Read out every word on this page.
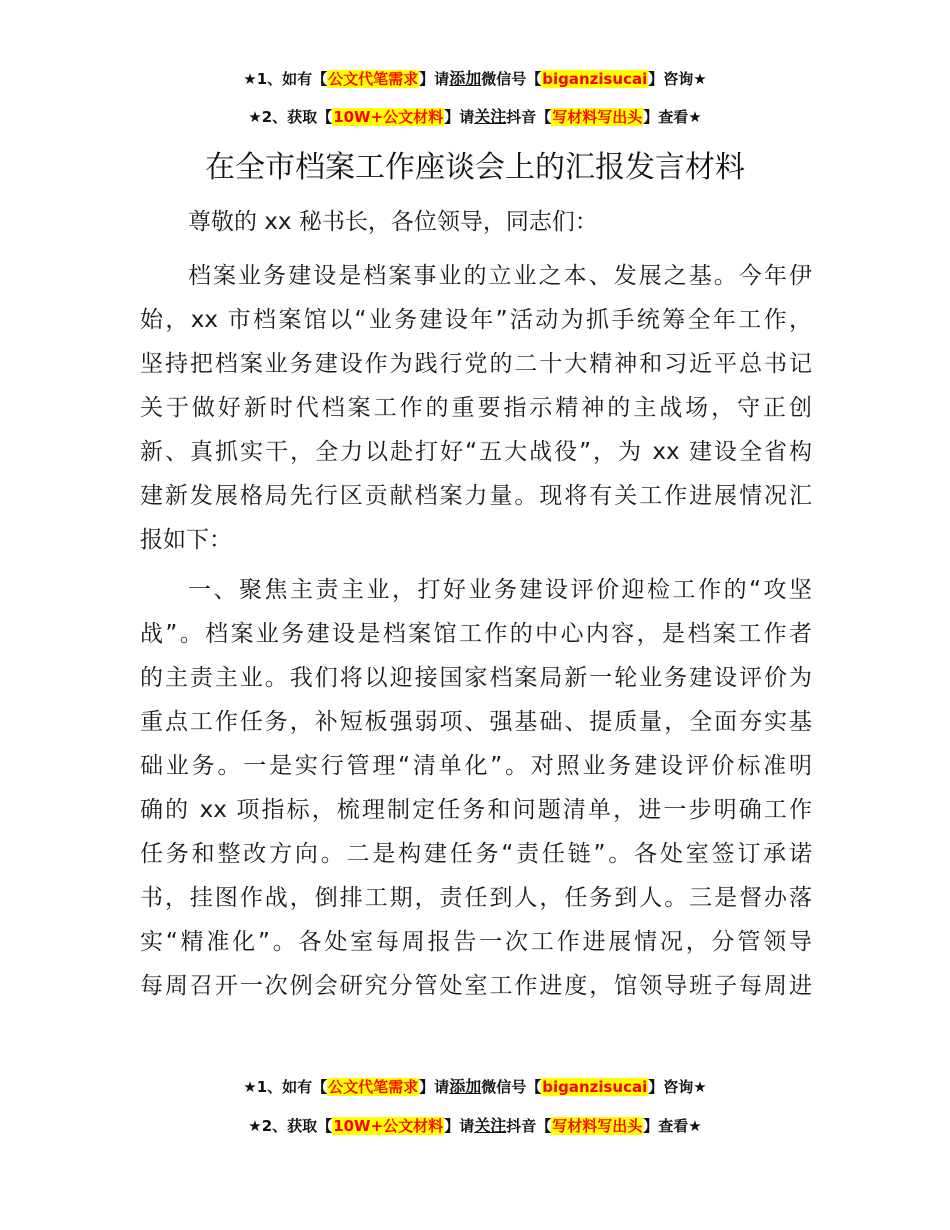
★1、如有【公文代笔需求】请添加微信号【biganzisucai】咨询★
★2、获取【10W+公文材料】请关注抖音【写材料写出头】查看★
在全市档案工作座谈会上的汇报发言材料
尊敬的 xx 秘书长，各位领导，同志们：
档案业务建设是档案事业的立业之本、发展之基。今年伊
始，xx 市档案馆以“业务建设年”活动为抓手统筹全年工作，
坚持把档案业务建设作为践行党的二十大精神和习近平总书记
关于做好新时代档案工作的重要指示精神的主战场，守正创
新、真抓实干，全力以赴打好“五大战役”，为 xx 建设全省构
建新发展格局先行区贡献档案力量。现将有关工作进展情况汇
报如下：
一、聚焦主责主业，打好业务建设评价迎检工作的“攻坚
战”。档案业务建设是档案馆工作的中心内容，是档案工作者
的主责主业。我们将以迎接国家档案局新一轮业务建设评价为
重点工作任务，补短板强弱项、强基础、提质量，全面夯实基
础业务。一是实行管理“清单化”。对照业务建设评价标准明
确的 xx 项指标，梳理制定任务和问题清单，进一步明确工作
任务和整改方向。二是构建任务“责任链”。各处室签订承诺
书，挂图作战，倒排工期，责任到人，任务到人。三是督办落
实“精准化”。各处室每周报告一次工作进展情况，分管领导
每周召开一次例会研究分管处室工作进度，馆领导班子每周进
★1、如有【公文代笔需求】请添加微信号【biganzisucai】咨询★
★2、获取【10W+公文材料】请关注抖音【写材料写出头】查看★
